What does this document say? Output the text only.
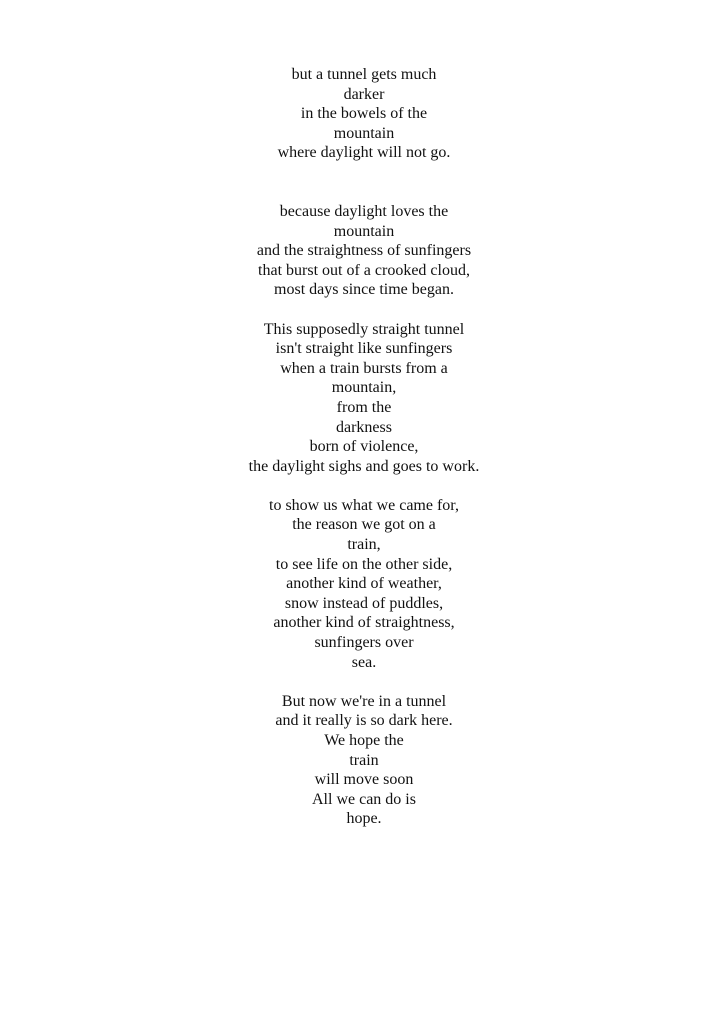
but a tunnel gets much
darker
in the bowels of the
mountain
where daylight will not go.

because daylight loves the
mountain
and the straightness of sunfingers
that burst out of a crooked cloud,
most days since time began.

This supposedly straight tunnel
isn't straight like sunfingers
when a train bursts from a
mountain,
from the
darkness
born of violence,
the daylight sighs and goes to work.

to show us what we came for,
the reason we got on a
train,
to see life on the other side,
another kind of weather,
snow instead of puddles,
another kind of straightness,
sunfingers over
sea.

But now we're in a tunnel
and it really is so dark here.
We hope the
train
will move soon
All we can do is
hope.
